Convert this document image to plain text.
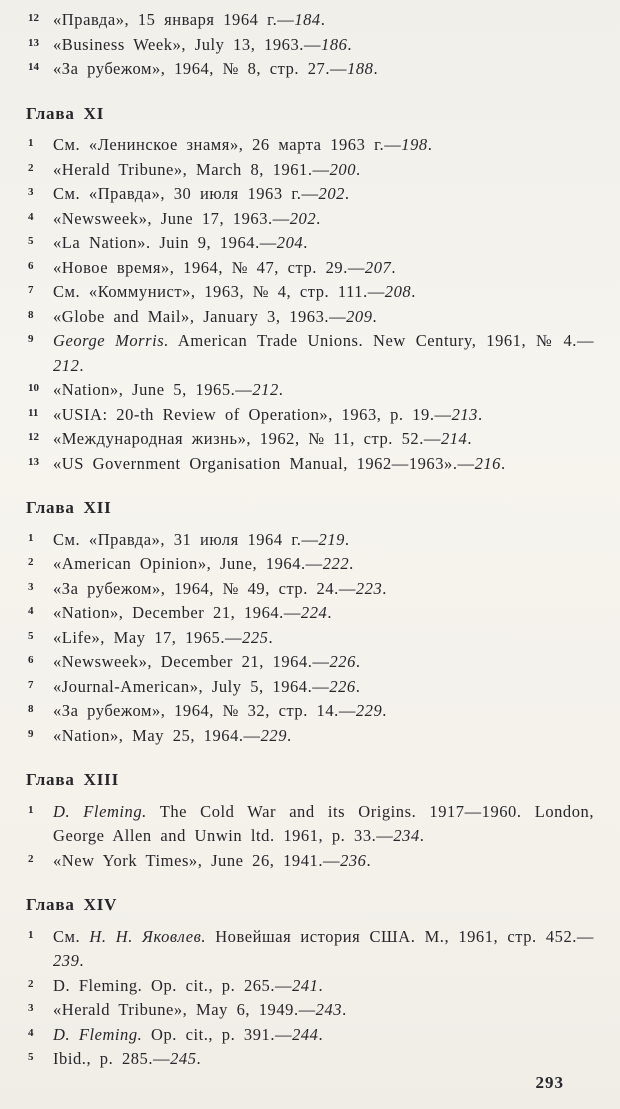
12 «Правда», 15 января 1964 г.—184.
13 «Business Week», July 13, 1963.—186.
14 «За рубежом», 1964, № 8, стр. 27.—188.
Глава XI
1	См. «Ленинское знамя», 26 марта 1963 г.—198.
2	«Herald Tribune», March 8, 1961.—200.
3	См. «Правда», 30 июля 1963 г.—202.
4	«Newsweek», June 17, 1963.—202.
5	«La Nation». Juin 9, 1964.—204.
6	«Новое время», 1964, № 47, стр. 29.—207.
7	См. «Коммунист», 1963, № 4, стр. 111.—208.
8	«Globe and Mail», January 3, 1963.—209.
9	George Morris. American Trade Unions. New Century, 1961, № 4.—212.
10 «Nation», June 5, 1965.—212.
11 «USIA: 20-th Review of Operation», 1963, p. 19.—213.
12 «Международная жизнь», 1962, № 11, стр. 52.—214.
13 «US Government Organisation Manual, 1962—1963».—216.
Глава XII
1	См. «Правда», 31 июля 1964 г.—219.
2	«American Opinion», June, 1964.—222.
3	«За рубежом», 1964, № 49, стр. 24.—223.
4	«Nation», December 21, 1964.—224.
5	«Life», May 17, 1965.—225.
6	«Newsweek», December 21, 1964.—226.
7	«Journal-American», July 5, 1964.—226.
8	«За рубежом», 1964, № 32, стр. 14.—229.
9	«Nation», May 25, 1964.—229.
Глава XIII
1	D. Fleming. The Cold War and its Origins. 1917—1960. London, George Allen and Unwin ltd. 1961, p. 33.—234.
2	«New York Times», June 26, 1941.—236.
Глава XIV
1	См. Н. Н. Яковлев. Новейшая история США. М., 1961, стр. 452.—239.
2	D. Fleming. Op. cit., p. 265.—241.
3	«Herald Tribune», May 6, 1949.—243.
4	D. Fleming. Op. cit., p. 391.—244.
5	Ibid., p. 285.—245.
293
